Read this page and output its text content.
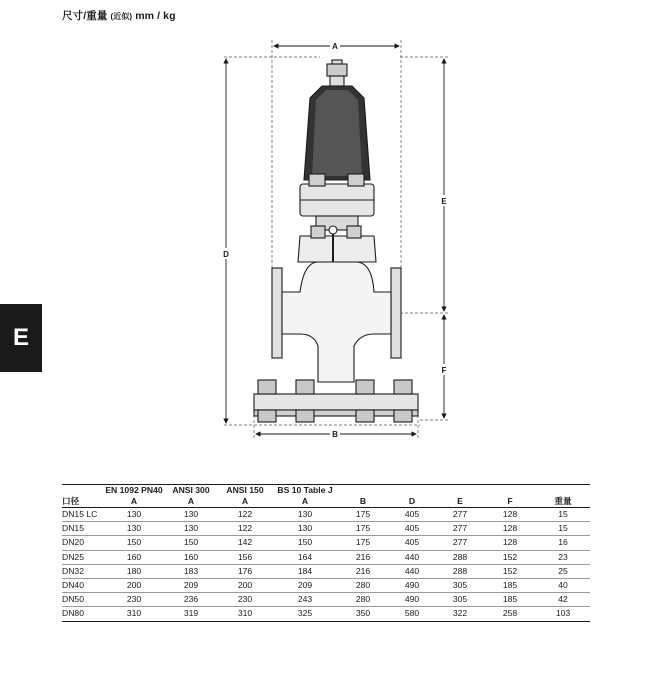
尺寸/重量 (近似) mm / kg
E
A
B
D
E
F
	EN 1092 PN40	ANSI 300	ANSI 150	BS 10 Table J					
口径	A	A	A	A	B	D	E	F	重量
DN15 LC	130	130	122	130	175	405	277	128	15
DN15	130	130	122	130	175	405	277	128	15
DN20	150	150	142	150	175	405	277	128	16
DN25	160	160	156	164	216	440	288	152	23
DN32	180	183	176	184	216	440	288	152	25
DN40	200	209	200	209	280	490	305	185	40
DN50	230	236	230	243	280	490	305	185	42
DN80	310	319	310	325	350	580	322	258	103
